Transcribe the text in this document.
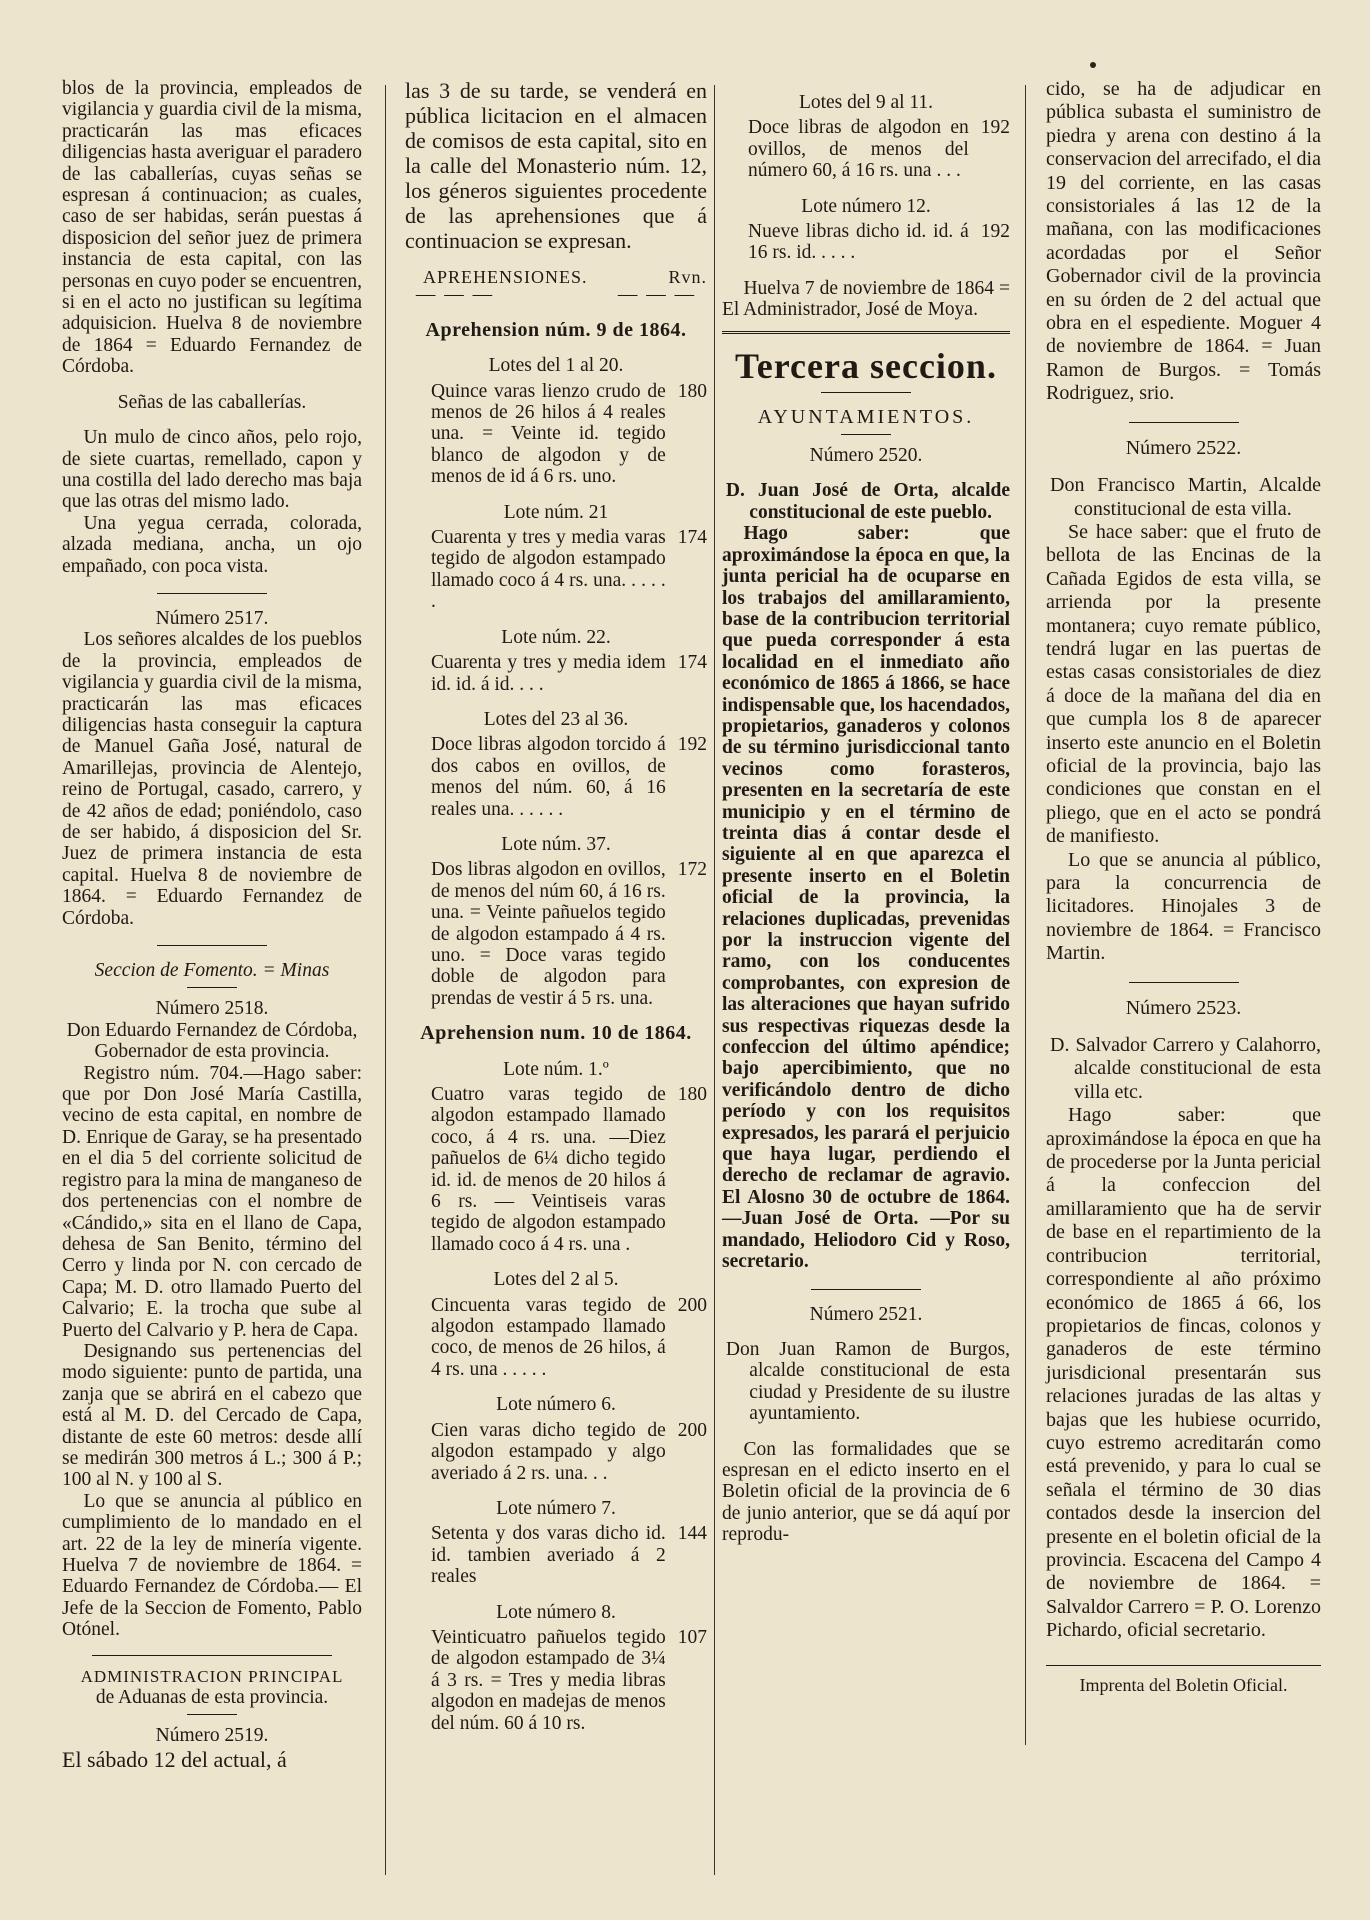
blos de la provincia, empleados de vigilancia y guardia civil de la misma, practicarán las mas eficaces diligencias hasta averiguar el paradero de las caballerías, cuyas señas se espresan á continuacion; as cuales, caso de ser habidas, serán puestas á disposicion del señor juez de primera instancia de esta capital, con las personas en cuyo poder se encuentren, si en el acto no justifican su legítima adquisicion. Huelva 8 de noviembre de 1864 = Eduardo Fernandez de Córdoba.

Señas de las caballerías.

Un mulo de cinco años, pelo rojo, de siete cuartas, remellado, capon y una costilla del lado derecho mas baja que las otras del mismo lado.

Una yegua cerrada, colorada, alzada mediana, ancha, un ojo empañado, con poca vista.

Número 2517.

Los señores alcaldes de los pueblos de la provincia, empleados de vigilancia y guardia civil de la misma, practicarán las mas eficaces diligencias hasta conseguir la captura de Manuel Gaña José, natural de Amarillejas, provincia de Alentejo, reino de Portugal, casado, carrero, y de 42 años de edad; poniéndolo, caso de ser habido, á disposicion del Sr. Juez de primera instancia de esta capital. Huelva 8 de noviembre de 1864. = Eduardo Fernandez de Córdoba.

Seccion de Fomento. = Minas

Número 2518.

Don Eduardo Fernandez de Córdoba,

Gobernador de esta provincia.

Registro núm. 704.—Hago saber: que por Don José María Castilla, vecino de esta capital, en nombre de D. Enrique de Garay, se ha presentado en el dia 5 del corriente solicitud de registro para la mina de manganeso de dos pertenencias con el nombre de «Cándido,» sita en el llano de Capa, dehesa de San Benito, término del Cerro y linda por N. con cercado de Capa; M. D. otro llamado Puerto del Calvario; E. la trocha que sube al Puerto del Calvario y P. hera de Capa.

Designando sus pertenencias del modo siguiente: punto de partida, una zanja que se abrirá en el cabezo que está al M. D. del Cercado de Capa, distante de este 60 metros: desde allí se medirán 300 metros á L.; 300 á P.; 100 al N. y 100 al S.

Lo que se anuncia al público en cumplimiento de lo mandado en el art. 22 de la ley de minería vigente. Huelva 7 de noviembre de 1864. = Eduardo Fernandez de Córdoba.— El Jefe de la Seccion de Fomento, Pablo Otónel.

ADMINISTRACION PRINCIPAL

de Aduanas de esta provincia.

Número 2519.

El sábado 12 del actual, á

las 3 de su tarde, se venderá en pública licitacion en el almacen de comisos de esta capital, sito en la calle del Monasterio núm. 12, los géneros siguientes procedente de las aprehensiones que á continuacion se expresan.

APREHENSIONES.	Rvn.
— — —                  — — —

Aprehension núm. 9 de 1864.

Lotes del 1 al 20.

Quince varas lienzo crudo de menos de 26 hilos á 4 reales una. = Veinte id. tegido blanco de algodon y de menos de id á 6 rs. uno.

180

Lote núm. 21

Cuarenta y tres y media varas tegido de algodon estampado llamado coco á 4 rs. una. . . . . .

174

Lote núm. 22.

Cuarenta y tres y media idem id. id. á id. . . .

174

Lotes del 23 al 36.

Doce libras algodon torcido á dos cabos en ovillos, de menos del núm. 60, á 16 reales una. . . . . .

192

Lote núm. 37.

Dos libras algodon en ovillos, de menos del núm 60, á 16 rs. una. = Veinte pañuelos tegido de algodon estampado á 4 rs. uno. = Doce varas tegido doble de algodon para prendas de vestir á 5 rs. una.

172

Aprehension num. 10 de 1864.

Lote núm. 1.º

Cuatro varas tegido de algodon estampado llamado coco, á 4 rs. una. —Diez pañuelos de 6¼ dicho tegido id. id. de menos de 20 hilos á 6 rs. — Veintiseis varas tegido de algodon estampado llamado coco á 4 rs. una .

180

Lotes del 2 al 5.

Cincuenta varas tegido de algodon estampado llamado coco, de menos de 26 hilos, á 4 rs. una . . . . .

200

Lote número 6.

Cien varas dicho tegido de algodon estampado y algo averiado á 2 rs. una. . .

200

Lote número 7.

Setenta y dos varas dicho id. id. tambien averiado á 2 reales

144

Lote número 8.

Veinticuatro pañuelos tegido de algodon estampado de 3¼ á 3 rs. = Tres y media libras algodon en madejas de menos del núm. 60 á 10 rs.

107

Lotes del 9 al 11.

Doce libras de algodon en ovillos, de menos del número 60, á 16 rs. una . . .

192

Lote número 12.

Nueve libras dicho id. id. á 16 rs. id. . . . .

192

Huelva 7 de noviembre de 1864 = El Administrador, José de Moya.

Tercera seccion.

AYUNTAMIENTOS.

Número 2520.

D. Juan José de Orta, alcalde constitucional de este pueblo.

Hago saber: que aproximándose la época en que, la junta pericial ha de ocuparse en los trabajos del amillaramiento, base de la contribucion territorial que pueda corresponder á esta localidad en el inmediato año económico de 1865 á 1866, se hace indispensable que, los hacendados, propietarios, ganaderos y colonos de su término jurisdiccional tanto vecinos como forasteros, presenten en la secretaría de este municipio y en el término de treinta dias á contar desde el siguiente al en que aparezca el presente inserto en el Boletin oficial de la provincia, la relaciones duplicadas, prevenidas por la instruccion vigente del ramo, con los conducentes comprobantes, con expresion de las alteraciones que hayan sufrido sus respectivas riquezas desde la confeccion del último apéndice; bajo apercibimiento, que no verificándolo dentro de dicho período y con los requisitos expresados, les parará el perjuicio que haya lugar, perdiendo el derecho de reclamar de agravio. El Alosno 30 de octubre de 1864.—Juan José de Orta. —Por su mandado, Heliodoro Cid y Roso, secretario.

Número 2521.

Don Juan Ramon de Burgos, alcalde constitucional de esta ciudad y Presidente de su ilustre ayuntamiento.

Con las formalidades que se espresan en el edicto inserto en el Boletin oficial de la provincia de 6 de junio anterior, que se dá aquí por reprodu-

cido, se ha de adjudicar en pública subasta el suministro de piedra y arena con destino á la conservacion del arrecifado, el dia 19 del corriente, en las casas consistoriales á las 12 de la mañana, con las modificaciones acordadas por el Señor Gobernador civil de la provincia en su órden de 2 del actual que obra en el espediente. Moguer 4 de noviembre de 1864. = Juan Ramon de Burgos. = Tomás Rodriguez, srio.

Número 2522.

Don Francisco Martin, Alcalde constitucional de esta villa.

Se hace saber: que el fruto de bellota de las Encinas de la Cañada Egidos de esta villa, se arrienda por la presente montanera; cuyo remate público, tendrá lugar en las puertas de estas casas consistoriales de diez á doce de la mañana del dia en que cumpla los 8 de aparecer inserto este anuncio en el Boletin oficial de la provincia, bajo las condiciones que constan en el pliego, que en el acto se pondrá de manifiesto.

Lo que se anuncia al público, para la concurrencia de licitadores. Hinojales 3 de noviembre de 1864. = Francisco Martin.

Número 2523.

D. Salvador Carrero y Calahorro, alcalde constitucional de esta villa etc.

Hago saber: que aproximándose la época en que ha de procederse por la Junta pericial á la confeccion del amillaramiento que ha de servir de base en el repartimiento de la contribucion territorial, correspondiente al año próximo económico de 1865 á 66, los propietarios de fincas, colonos y ganaderos de este término jurisdicional presentarán sus relaciones juradas de las altas y bajas que les hubiese ocurrido, cuyo estremo acreditarán como está prevenido, y para lo cual se señala el término de 30 dias contados desde la insercion del presente en el boletin oficial de la provincia. Escacena del Campo 4 de noviembre de 1864. = Salvaldor Carrero = P. O. Lorenzo Pichardo, oficial secretario.

Imprenta del Boletin Oficial.
